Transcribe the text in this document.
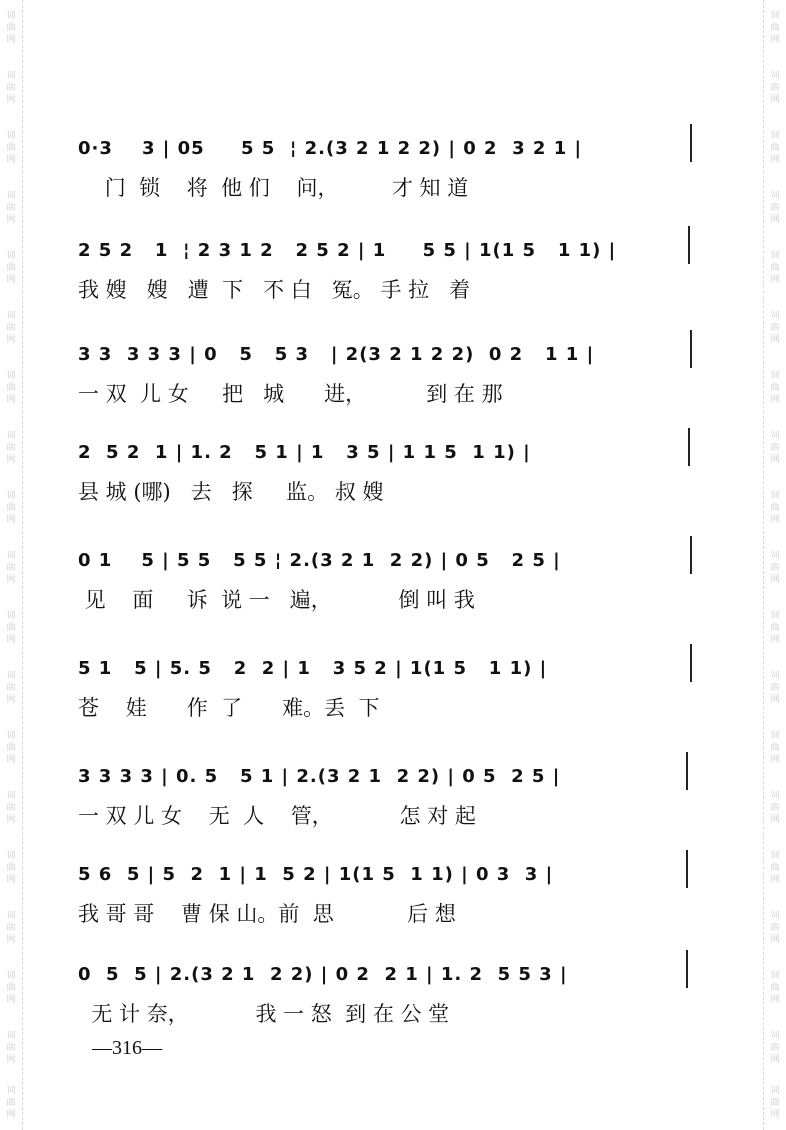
词曲网
词曲网
词曲网
词曲网
词曲网
词曲网
词曲网
词曲网
词曲网
词曲网
词曲网
词曲网
词曲网
词曲网
词曲网
词曲网
词曲网
词曲网
词曲网
词曲网
词曲网
词曲网
词曲网
词曲网
词曲网
词曲网
词曲网
词曲网
词曲网
词曲网
词曲网
词曲网
词曲网
词曲网
词曲网
词曲网
词曲网
词曲网
0·3    3 | 05     5 5  ¦ 2.(3 2 1 2 2) | 0 2  3 2 1 |
门  锁    将  他 们    问，        才 知 道
2 5 2   1  ¦ 2 3 1 2   2 5 2 | 1     5 5 | 1(1 5   1 1) |
我 嫂   嫂   遭  下   不 白   冤。 手 拉   着
3 3  3 3 3 | 0   5   5 3   | 2(3 2 1 2 2)  0 2   1 1 |
一 双  儿 女     把   城      进，         到 在 那
2  5 2  1 | 1. 2   5 1 | 1   3 5 | 1 1 5  1 1) |
县 城 (哪)   去   探     监。 叔 嫂
0 1    5 | 5 5   5 5 ¦ 2.(3 2 1  2 2) | 0 5   2 5 |
见    面     诉  说 一   遍，          倒 叫 我
5 1   5 | 5. 5   2  2 | 1   3 5 2 | 1(1 5   1 1) |
苍    娃      作  了      难。丢  下
3 3 3 3 | 0. 5   5 1 | 2.(3 2 1  2 2) | 0 5  2 5 |
一 双 儿 女    无  人    管，          怎 对 起
5 6  5 | 5  2  1 | 1  5 2 | 1(1 5  1 1) | 0 3  3 |
我 哥 哥    曹 保 山。前  思           后 想
0  5  5 | 2.(3 2 1  2 2) | 0 2  2 1 | 1. 2  5 5 3 |
无 计 奈，          我 一 怒  到 在 公 堂
—316—
